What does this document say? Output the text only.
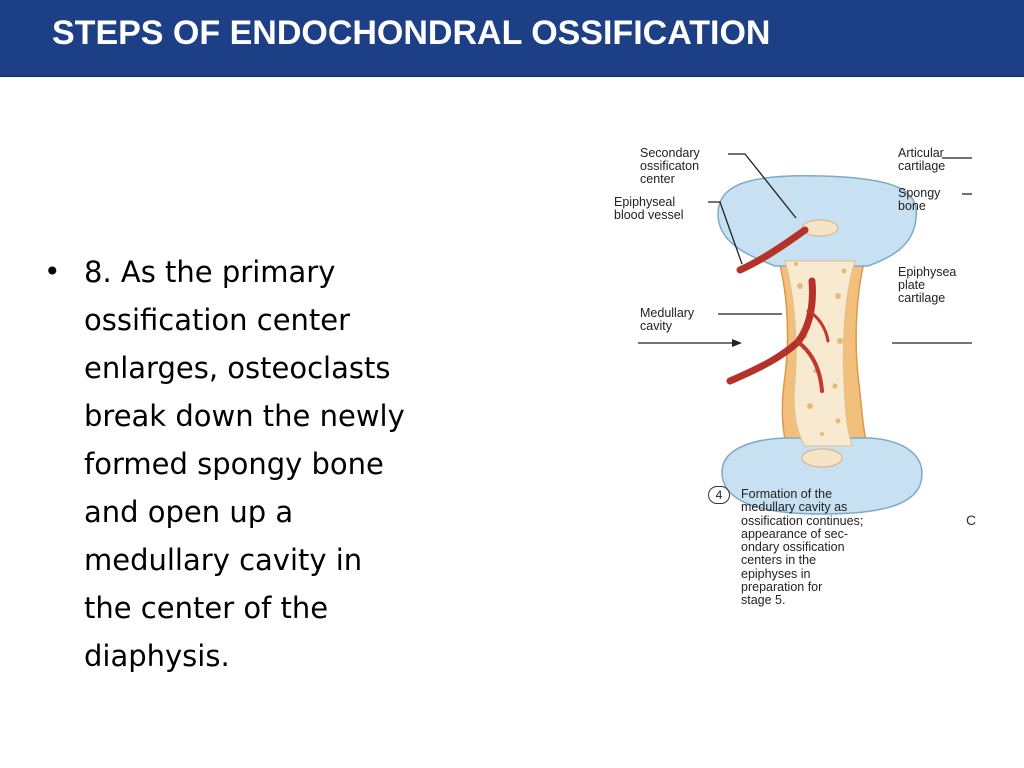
STEPS OF ENDOCHONDRAL OSSIFICATION
• 8. As the primary
ossification center
enlarges, osteoclasts
break down the newly
formed spongy bone
and open up a
medullary cavity in
the center of the
diaphysis.
Secondary
ossificaton
center
Epiphyseal
blood vessel
Medullary
cavity
Articular
cartilage
Spongy
bone
Epiphysea
plate
cartilage
4	Formation of the
medullary cavity as
ossification continues;
appearance of sec-
ondary ossification
centers in the
epiphyses in
preparation for
stage 5.
C
